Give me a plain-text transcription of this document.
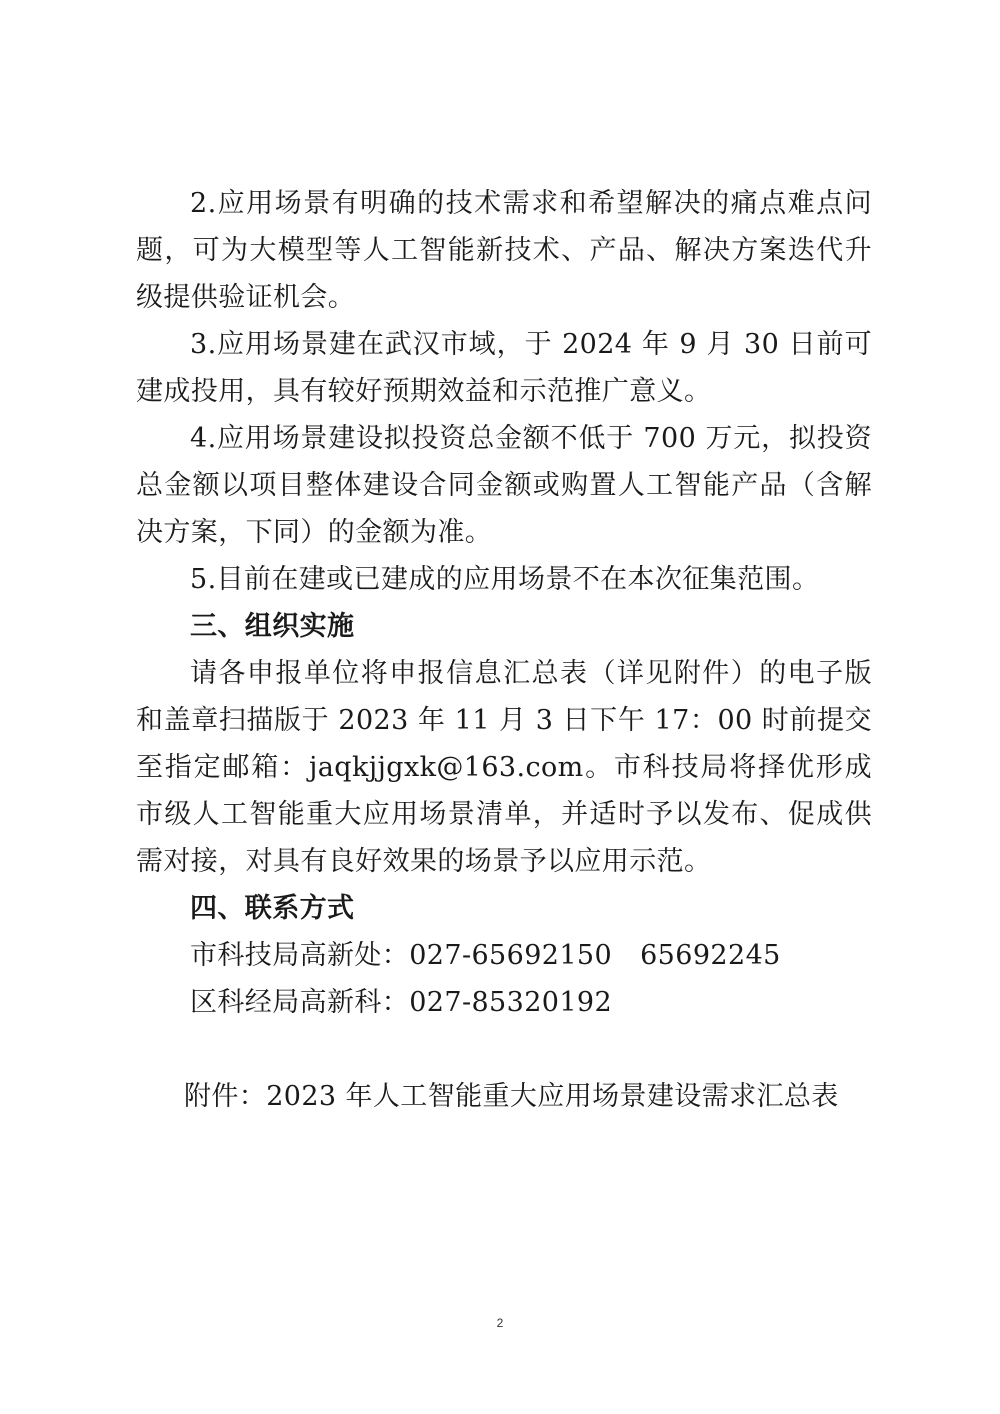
2.应用场景有明确的技术需求和希望解决的痛点难点问题，可为大模型等人工智能新技术、产品、解决方案迭代升级提供验证机会。

3.应用场景建在武汉市域，于 2024 年 9 月 30 日前可建成投用，具有较好预期效益和示范推广意义。

4.应用场景建设拟投资总金额不低于 700 万元，拟投资总金额以项目整体建设合同金额或购置人工智能产品（含解决方案，下同）的金额为准。

5.目前在建或已建成的应用场景不在本次征集范围。

三、组织实施

请各申报单位将申报信息汇总表（详见附件）的电子版和盖章扫描版于 2023 年 11 月 3 日下午 17：00 时前提交至指定邮箱：jaqkjjgxk@163.com。市科技局将择优形成市级人工智能重大应用场景清单，并适时予以发布、促成供需对接，对具有良好效果的场景予以应用示范。

四、联系方式

市科技局高新处：027-65692150 65692245

区科经局高新科：027-85320192

附件：2023 年人工智能重大应用场景建设需求汇总表

2
